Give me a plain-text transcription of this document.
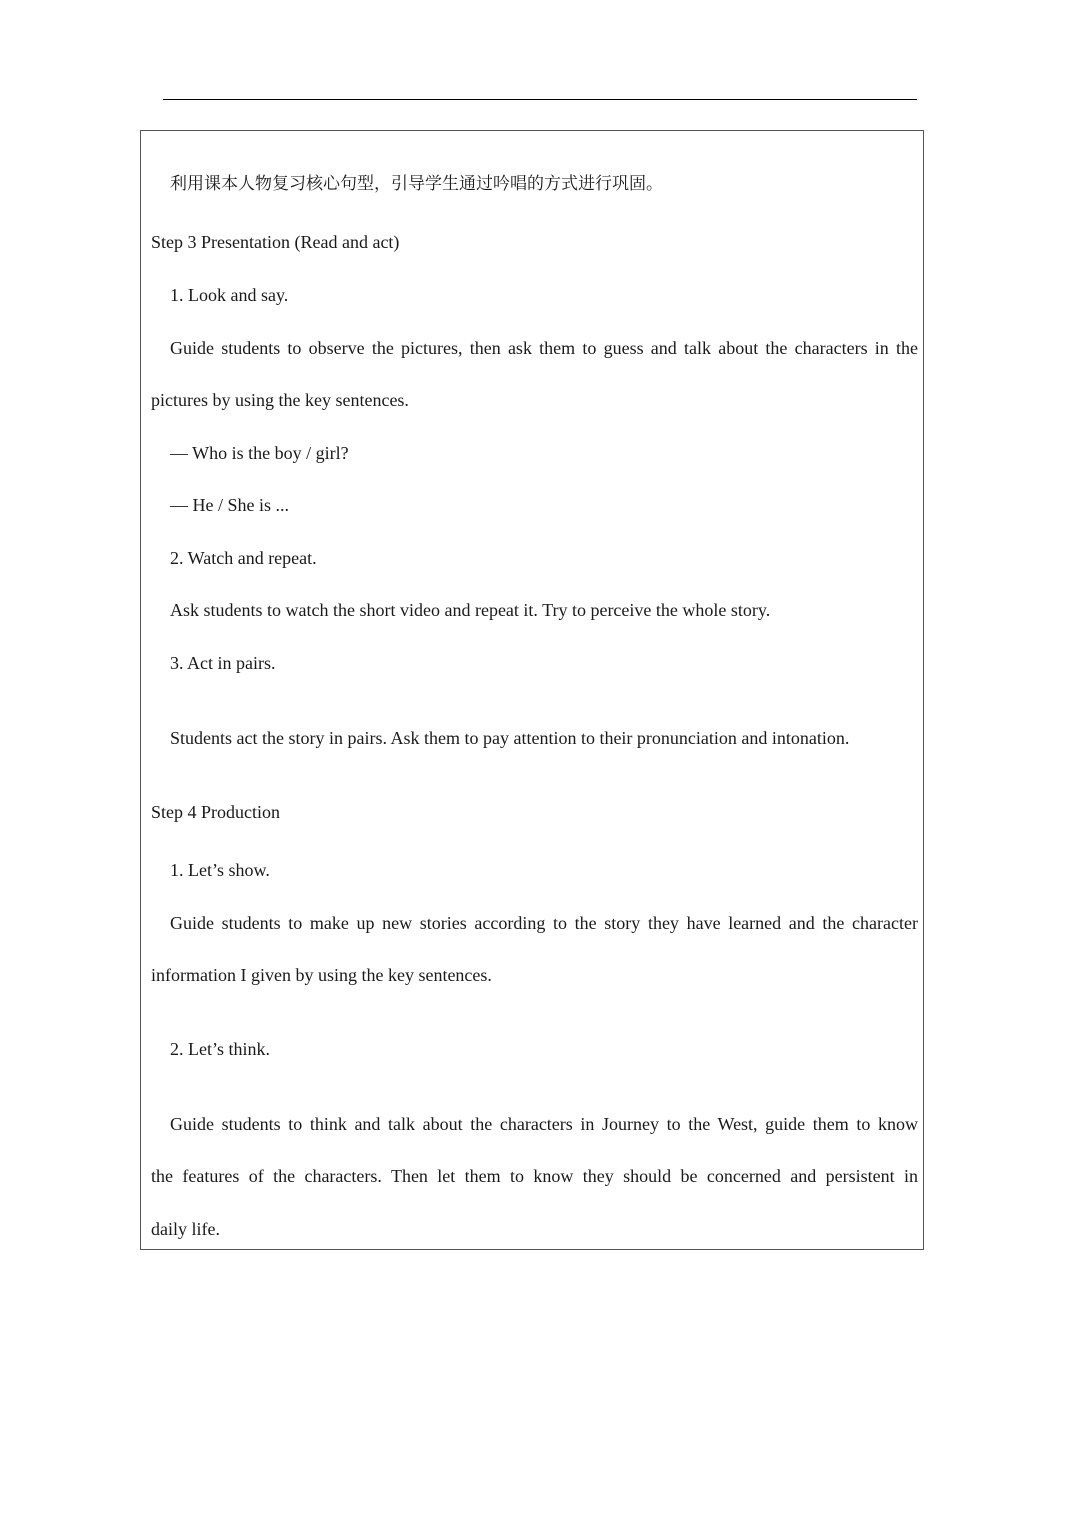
利用课本人物复习核心句型，引导学生通过吟唱的方式进行巩固。
Step 3 Presentation (Read and act)
1. Look and say.
Guide students to observe the pictures, then ask them to guess and talk about the characters in the
pictures by using the key sentences.
— Who is the boy / girl?
— He / She is ...
2. Watch and repeat.
Ask students to watch the short video and repeat it. Try to perceive the whole story.
3. Act in pairs.
Students act the story in pairs. Ask them to pay attention to their pronunciation and intonation.
Step 4 Production
1. Let’s show.
Guide students to make up new stories according to the story they have learned and the character
information I given by using the key sentences.
2. Let’s think.
Guide students to think and talk about the characters in Journey to the West, guide them to know
the features of the characters. Then let them to know they should be concerned and persistent in
daily life.
